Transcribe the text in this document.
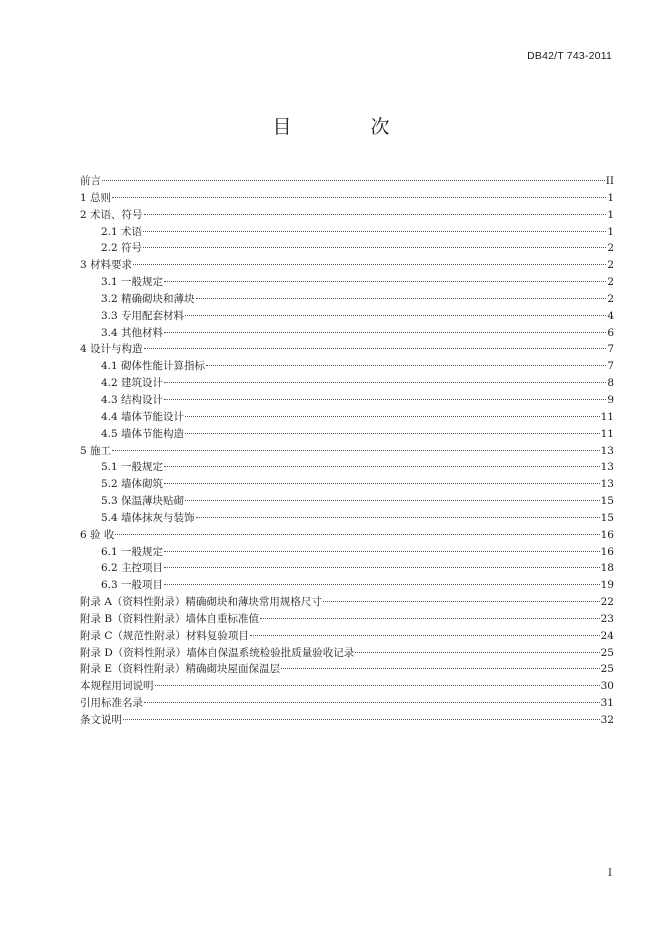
DB42/T 743-2011
目　次
前言	II
1 总则	1
2 术语、符号	1
2.1 术语	1
2.2 符号	2
3 材料要求	2
3.1 一般规定	2
3.2 精确砌块和薄块	2
3.3 专用配套材料	4
3.4 其他材料	6
4 设计与构造	7
4.1 砌体性能计算指标	7
4.2 建筑设计	8
4.3 结构设计	9
4.4 墙体节能设计	11
4.5 墙体节能构造	11
5 施工	13
5.1 一般规定	13
5.2 墙体砌筑	13
5.3 保温薄块贴砌	15
5.4 墙体抹灰与装饰	15
6 验 收	16
6.1 一般规定	16
6.2 主控项目	18
6.3 一般项目	19
附录 A（资料性附录）精确砌块和薄块常用规格尺寸	22
附录 B（资料性附录）墙体自重标准值	23
附录 C（规范性附录）材料复验项目	24
附录 D（资料性附录）墙体自保温系统检验批质量验收记录	25
附录 E（资料性附录）精确砌块屋面保温层	25
本规程用词说明	30
引用标准名录	31
条文说明	32
I
